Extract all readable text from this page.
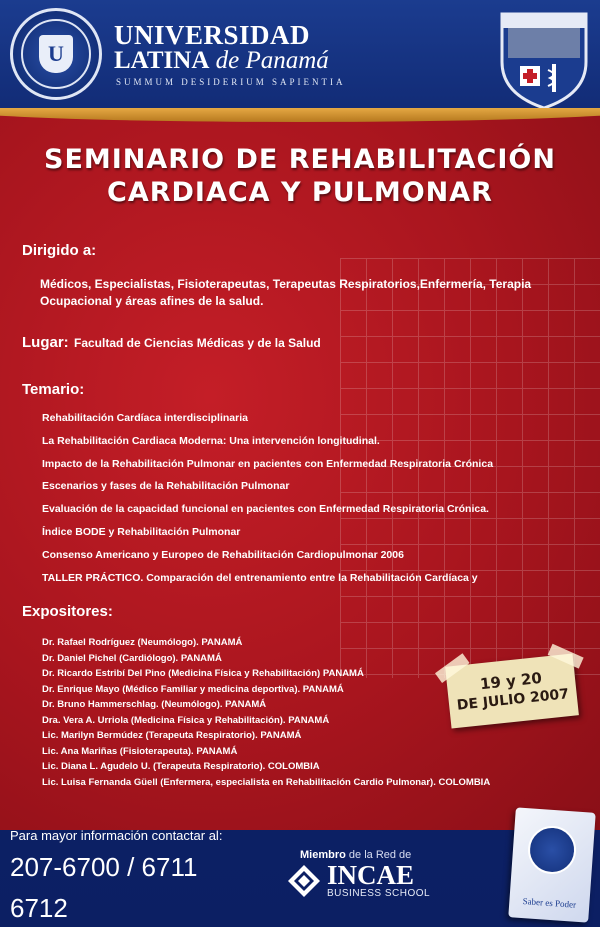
U
UNIVERSIDAD
LATINA de Panamá
SUMMUM DESIDERIUM SAPIENTIA
SEMINARIO DE REHABILITACIÓN
CARDIACA Y PULMONAR
Dirigido a:
Médicos, Especialistas, Fisioterapeutas, Terapeutas Respiratorios,Enfermería, Terapia Ocupacional y áreas afines de la salud.
Lugar: Facultad de Ciencias Médicas y de la Salud
Temario:
Rehabilitación Cardíaca interdisciplinaria
La Rehabilitación Cardiaca Moderna: Una intervención longitudinal.
Impacto de la Rehabilitación Pulmonar en pacientes con Enfermedad Respiratoria Crónica
Escenarios y fases de la Rehabilitación Pulmonar
Evaluación de la capacidad funcional en pacientes con Enfermedad Respiratoria Crónica.
Índice BODE y Rehabilitación Pulmonar
Consenso Americano y Europeo de Rehabilitación Cardiopulmonar 2006
TALLER PRÁCTICO. Comparación del entrenamiento entre la Rehabilitación Cardíaca y
Expositores:
Dr. Rafael Rodríguez (Neumólogo). PANAMÁ
Dr. Daniel Pichel (Cardiólogo). PANAMÁ
Dr. Ricardo Estribí Del Pino (Medicina Física y Rehabilitación) PANAMÁ
Dr. Enrique Mayo (Médico Familiar y medicina deportiva). PANAMÁ
Dr. Bruno Hammerschlag. (Neumólogo). PANAMÁ
Dra. Vera A. Urriola (Medicina Física y Rehabilitación). PANAMÁ
Lic. Marilyn Bermúdez (Terapeuta Respiratorio). PANAMÁ
Lic. Ana Mariñas (Fisioterapeuta). PANAMÁ
Lic. Diana L. Agudelo U. (Terapeuta Respiratorio). COLOMBIA
Lic. Luisa Fernanda Güell (Enfermera, especialista en Rehabilitación Cardio Pulmonar). COLOMBIA
19 y 20
DE JULIO 2007
Para mayor información contactar al:
207-6700 / 6711
6712
Miembro de la Red de
INCAE
BUSINESS SCHOOL
Saber es Poder
